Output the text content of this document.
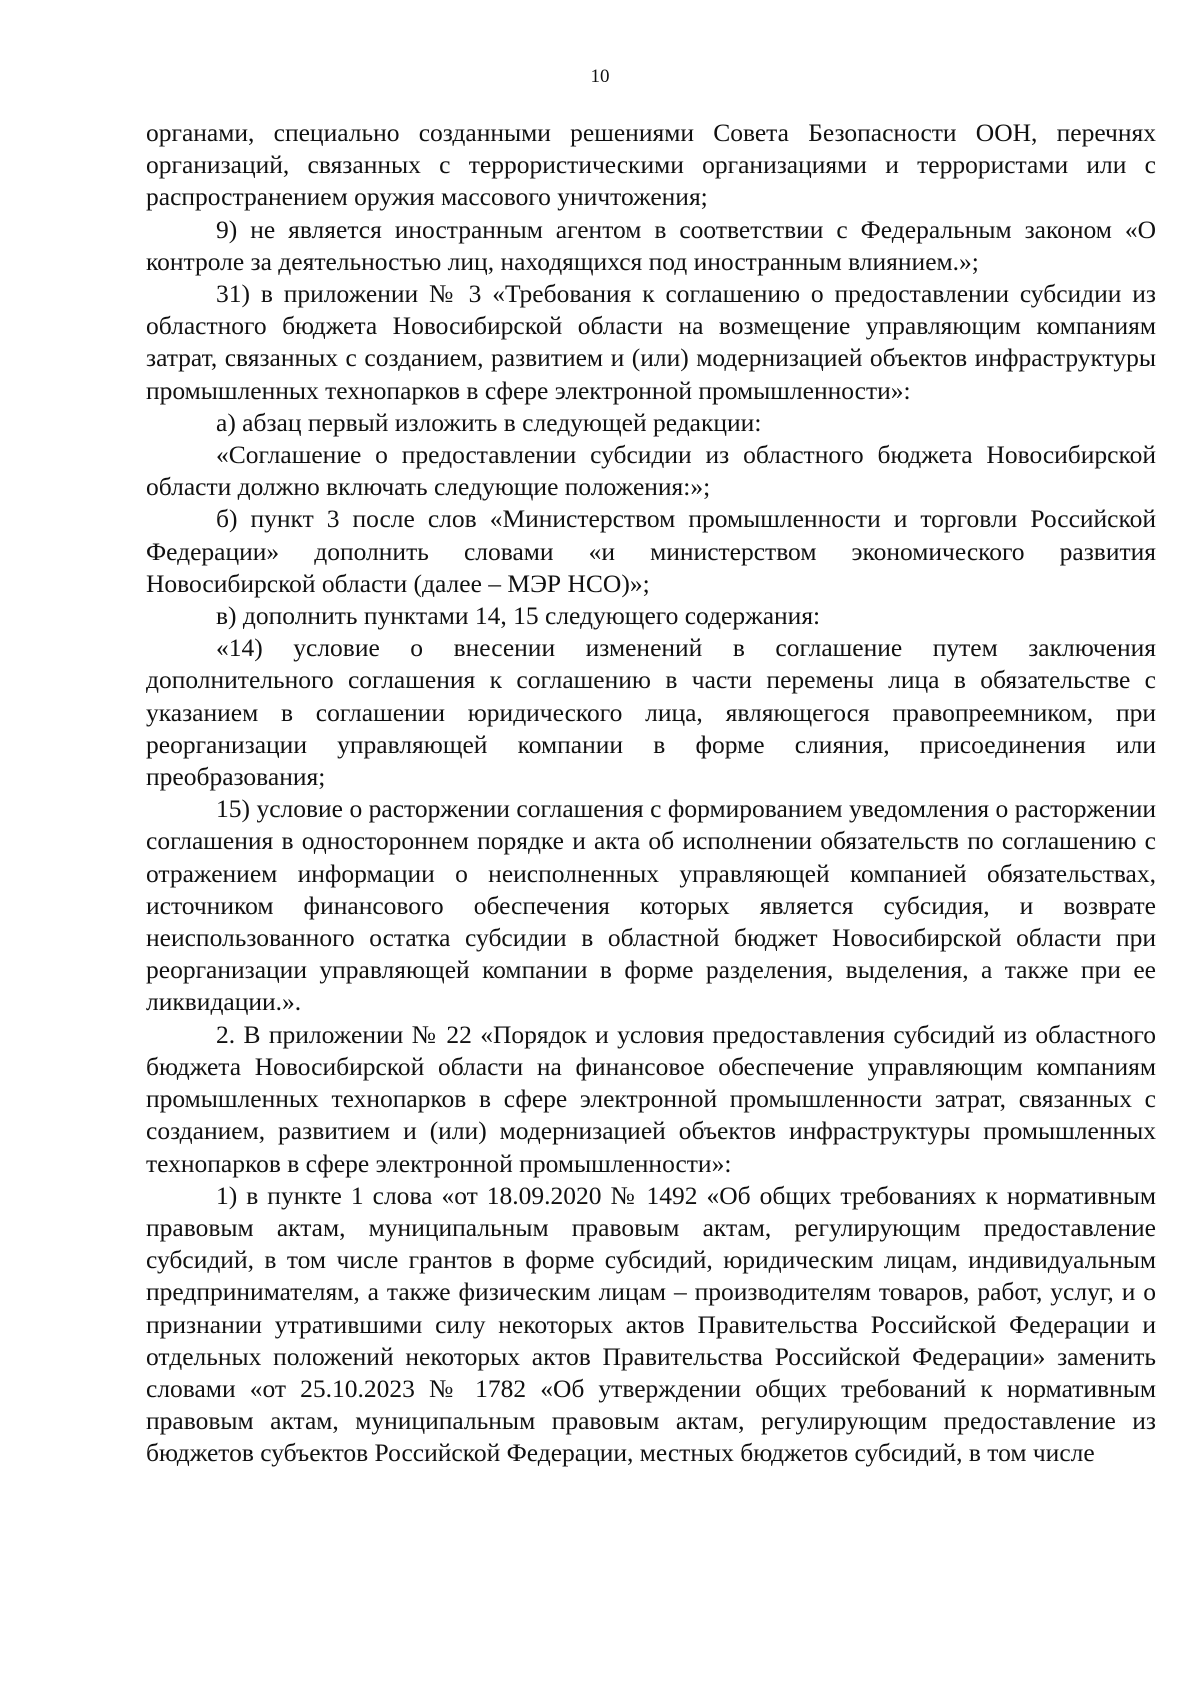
10

органами, специально созданными решениями Совета Безопасности ООН, перечнях организаций, связанных с террористическими организациями и террористами или с распространением оружия массового уничтожения;

9) не является иностранным агентом в соответствии с Федеральным законом «О контроле за деятельностью лиц, находящихся под иностранным влиянием.»;

31) в приложении № 3 «Требования к соглашению о предоставлении субсидии из областного бюджета Новосибирской области на возмещение управляющим компаниям затрат, связанных с созданием, развитием и (или) модернизацией объектов инфраструктуры промышленных технопарков в сфере электронной промышленности»:

а) абзац первый изложить в следующей редакции:

«Соглашение о предоставлении субсидии из областного бюджета Новосибирской области должно включать следующие положения:»;

б) пункт 3 после слов «Министерством промышленности и торговли Российской Федерации» дополнить словами «и министерством экономического развития Новосибирской области (далее – МЭР НСО)»;

в) дополнить пунктами 14, 15 следующего содержания:

«14) условие о внесении изменений в соглашение путем заключения дополнительного соглашения к соглашению в части перемены лица в обязательстве с указанием в соглашении юридического лица, являющегося правопреемником, при реорганизации управляющей компании в форме слияния, присоединения или преобразования;

15) условие о расторжении соглашения с формированием уведомления о расторжении соглашения в одностороннем порядке и акта об исполнении обязательств по соглашению с отражением информации о неисполненных управляющей компанией обязательствах, источником финансового обеспечения которых является субсидия, и возврате неиспользованного остатка субсидии в областной бюджет Новосибирской области при реорганизации управляющей компании в форме разделения, выделения, а также при ее ликвидации.».

2. В приложении № 22 «Порядок и условия предоставления субсидий из областного бюджета Новосибирской области на финансовое обеспечение управляющим компаниям промышленных технопарков в сфере электронной промышленности затрат, связанных с созданием, развитием и (или) модернизацией объектов инфраструктуры промышленных технопарков в сфере электронной промышленности»:

1) в пункте 1 слова «от 18.09.2020 № 1492 «Об общих требованиях к нормативным правовым актам, муниципальным правовым актам, регулирующим предоставление субсидий, в том числе грантов в форме субсидий, юридическим лицам, индивидуальным предпринимателям, а также физическим лицам – производителям товаров, работ, услуг, и о признании утратившими силу некоторых актов Правительства Российской Федерации и отдельных положений некоторых актов Правительства Российской Федерации» заменить словами «от 25.10.2023 № 1782 «Об утверждении общих требований к нормативным правовым актам, муниципальным правовым актам, регулирующим предоставление из бюджетов субъектов Российской Федерации, местных бюджетов субсидий, в том числе
